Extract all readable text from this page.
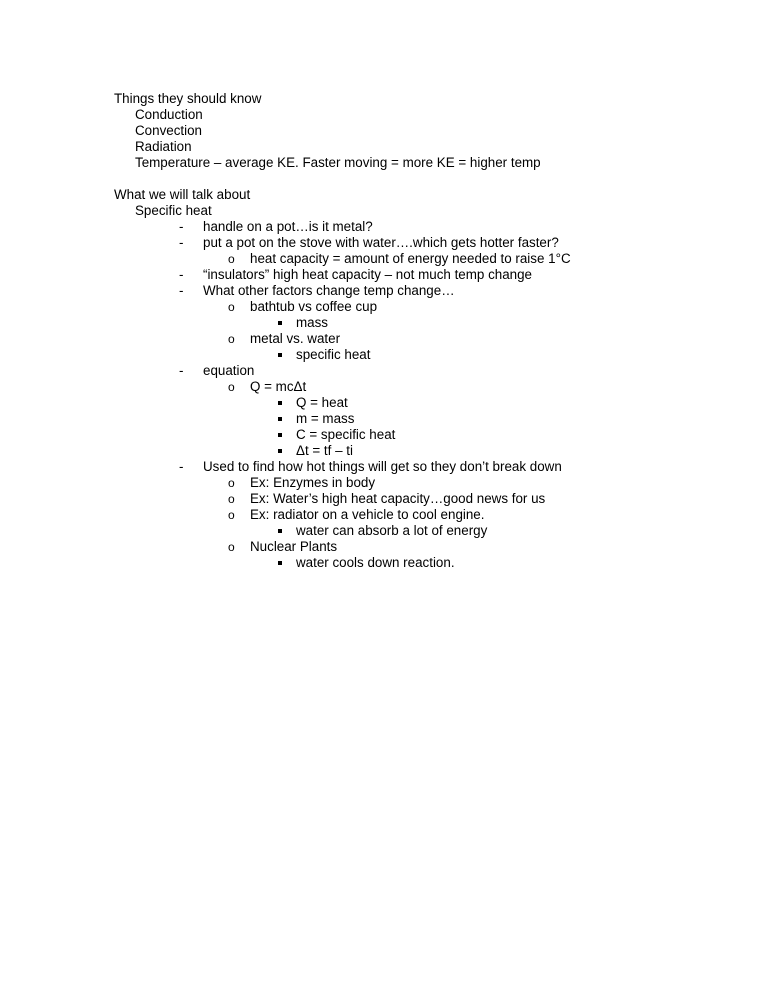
Things they should know
Conduction
Convection
Radiation
Temperature – average KE. Faster moving = more KE = higher temp
What we will talk about
Specific heat
- handle on a pot…is it metal?
- put a pot on the stove with water….which gets hotter faster?
o heat capacity = amount of energy needed to raise 1°C
- “insulators” high heat capacity – not much temp change
- What other factors change temp change…
o bathtub vs coffee cup
mass
o metal vs. water
specific heat
- equation
o Q = mcΔt
Q = heat
m = mass
C = specific heat
Δt = tf – ti
- Used to find how hot things will get so they don’t break down
o Ex: Enzymes in body
o Ex: Water’s high heat capacity…good news for us
o Ex: radiator on a vehicle to cool engine.
water can absorb a lot of energy
o Nuclear Plants
water cools down reaction.
